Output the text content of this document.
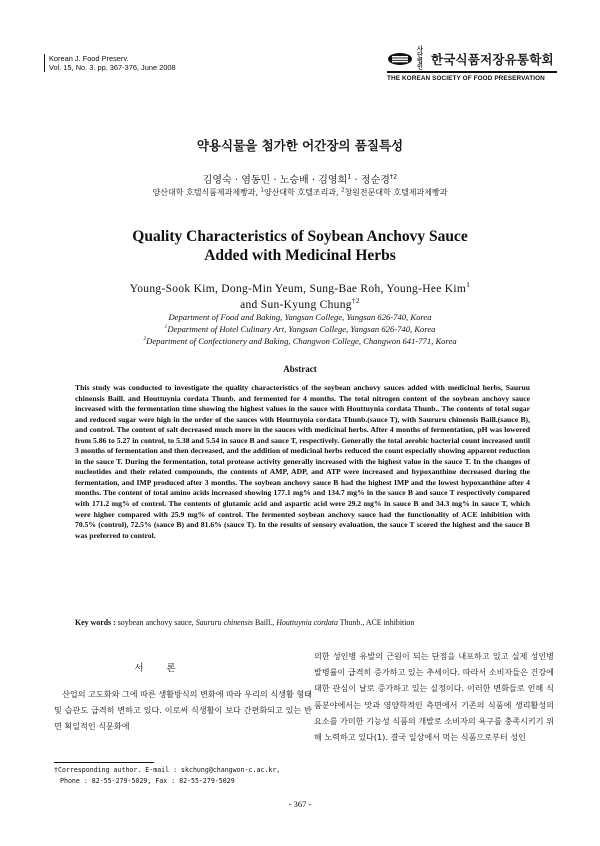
Korean J. Food Preserv.
Vol. 15, No. 3. pp. 367-376, June 2008
사단
법인
한국식품저장유통학회
THE KOREAN SOCIETY OF FOOD PRESERVATION
약용식물을 첨가한 어간장의 품질특성
김영숙 · 염동민 · 노승배 · 김영희$^1$ · 정순경$^{\dagger 2}$
양산대학 호텔식품제과제빵과, $^1$양산대학 호텔조리과, $^2$창원전문대학 호텔제과제빵과
Quality Characteristics of Soybean Anchovy Sauce
Added with Medicinal Herbs
Young-Sook Kim, Dong-Min Yeum, Sung-Bae Roh, Young-Hee Kim$^1$
and Sun-Kyung Chung$^{\dagger 2}$
Department of Food and Baking, Yangsan College, Yangsan 626-740, Korea
$^1$Department of Hotel Culinary Art, Yangsan College, Yangsan 626-740, Korea
$^2$Department of Confectionery and Baking, Changwon College, Changwon 641-771, Korea
Abstract
This study was conducted to investigate the quality characteristics of the soybean anchovy sauces added with medicinal herbs, Sauruu chinensis Baill. and Houttuynia cordata Thunb. and fermented for 4 months. The total nitrogen content of the soybean anchovy sauce increased with the fermentation time showing the highest values in the sauce with Houttuynia cordata Thunb.. The contents of total sugar and reduced sugar were high in the order of the sauces with Houttuynia cordata Thunb.(sauce T), with Saururu chinensis Baill.(sauce B), and control. The content of salt decreased much more in the sauces with medicinal herbs. After 4 months of fermentation, pH was lowered from 5.86 to 5.27 in control, to 5.38 and 5.54 in sauce B and sauce T, respectively. Generally the total aerobic bacterial count increased until 3 months of fermentation and then decreased, and the addition of medicinal herbs reduced the count especially showing apparent reduction in the sauce T. During the fermentation, total protease activity generally increased with the highest value in the sauce T. In the changes of nucleotides and their related compounds, the contents of AMP, ADP, and ATP were increased and hypoxanthine decreased during the fermentation, and IMP produced after 3 months. The soybean anchovy sauce B had the highest IMP and the lowest hypoxanthine after 4 months. The content of total amino acids increased showing 177.1 mg% and 134.7 mg% in the sauce B and sauce T respectively compared with 171.2 mg% of control. The contents of glutamic acid and aspartic acid were 29.2 mg% in sauce B and 34.3 mg% in sauce T, which were higher compared with 25.9 mg% of control. The fermented soybean anchovy sauce had the functionality of ACE inhibition with 70.5% (control), 72.5% (sauce B) and 81.6% (sauce T). In the results of sensory evaluation, the sauce T scored the highest and the sauce B was preferred to control.
Key words : soybean anchovy sauce, Saururu chinensis Baill., Houttuynia cordata Thunb., ACE inhibition
서 론
산업의 고도화와 그에 따른 생활방식의 변화에 따라 우리의 식생활 형태 및 습관도 급격히 변하고 있다. 이로써 식생활이 보다 간편화되고 있는 반면 획일적인 식문화에
의한 성인병 유발의 근원이 되는 단점을 내포하고 있고 실제 성인병 발병률이 급격히 증가하고 있는 추세이다. 따라서 소비자들은 건강에 대한 관심이 날로 증가하고 있는 실정이다. 이러한 변화들로 인해 식품분야에서는 맛과 영양학적인 측면에서 기존의 식품에 생리활성의 요소를 가미한 기능성 식품의 개발로 소비자의 욕구를 충족시키기 위해 노력하고 있다(1). 결국 일상에서 먹는 식품으로부터 성인
†Corresponding author. E-mail : skchung@changwon-c.ac.kr,
Phone : 82-55-279-5029, Fax : 82-55-279-5029
- 367 -
